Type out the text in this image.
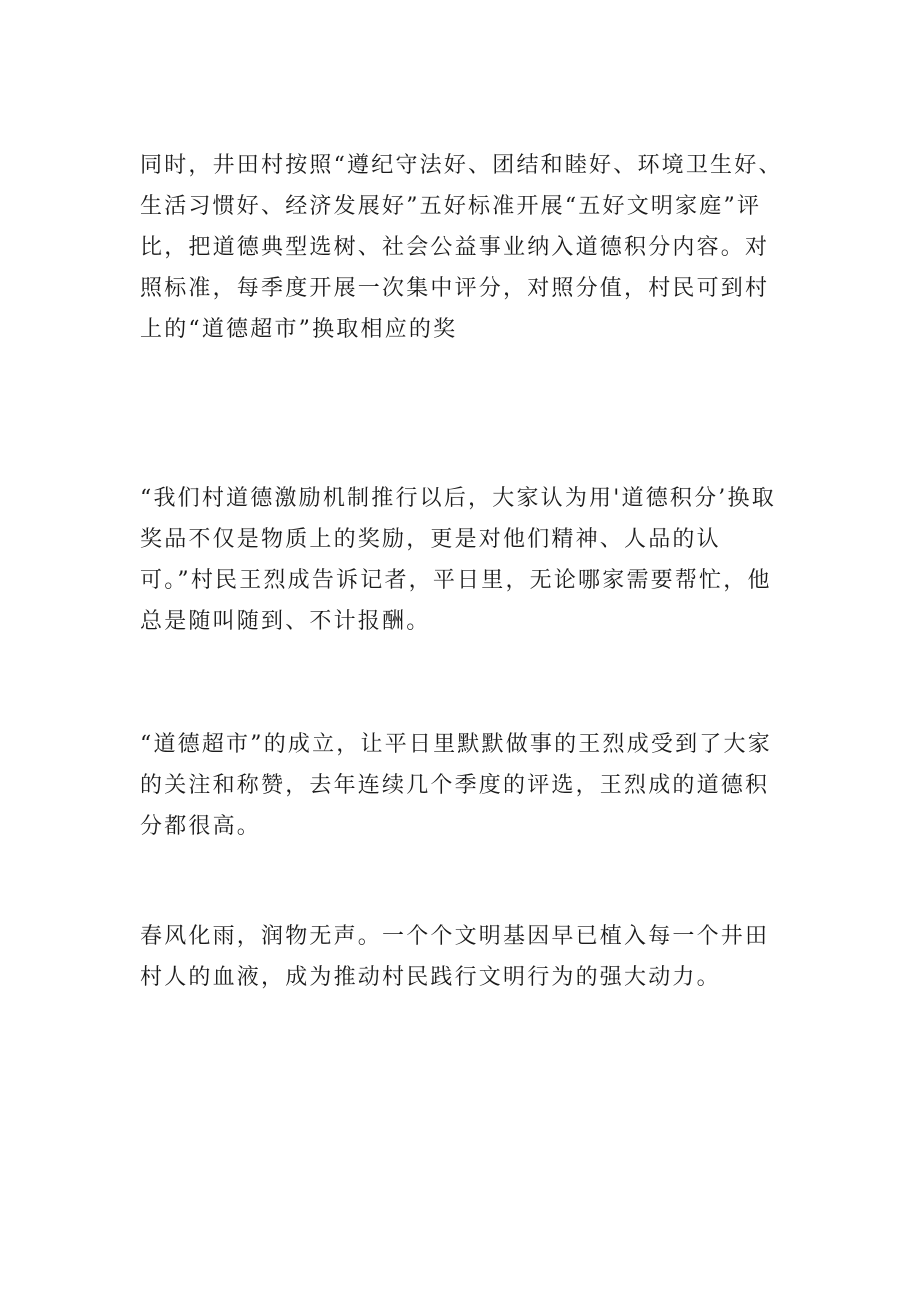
同时，井田村按照“遵纪守法好、团结和睦好、环境卫生好、生活习惯好、经济发展好”五好标准开展“五好文明家庭”评比，把道德典型选树、社会公益事业纳入道德积分内容。对照标准，每季度开展一次集中评分，对照分值，村民可到村上的“道德超市”换取相应的奖

“我们村道德激励机制推行以后，大家认为用'道德积分’换取奖品不仅是物质上的奖励，更是对他们精神、人品的认可。”村民王烈成告诉记者，平日里，无论哪家需要帮忙，他总是随叫随到、不计报酬。

“道德超市”的成立，让平日里默默做事的王烈成受到了大家的关注和称赞，去年连续几个季度的评选，王烈成的道德积分都很高。

春风化雨，润物无声。一个个文明基因早已植入每一个井田村人的血液，成为推动村民践行文明行为的强大动力。
